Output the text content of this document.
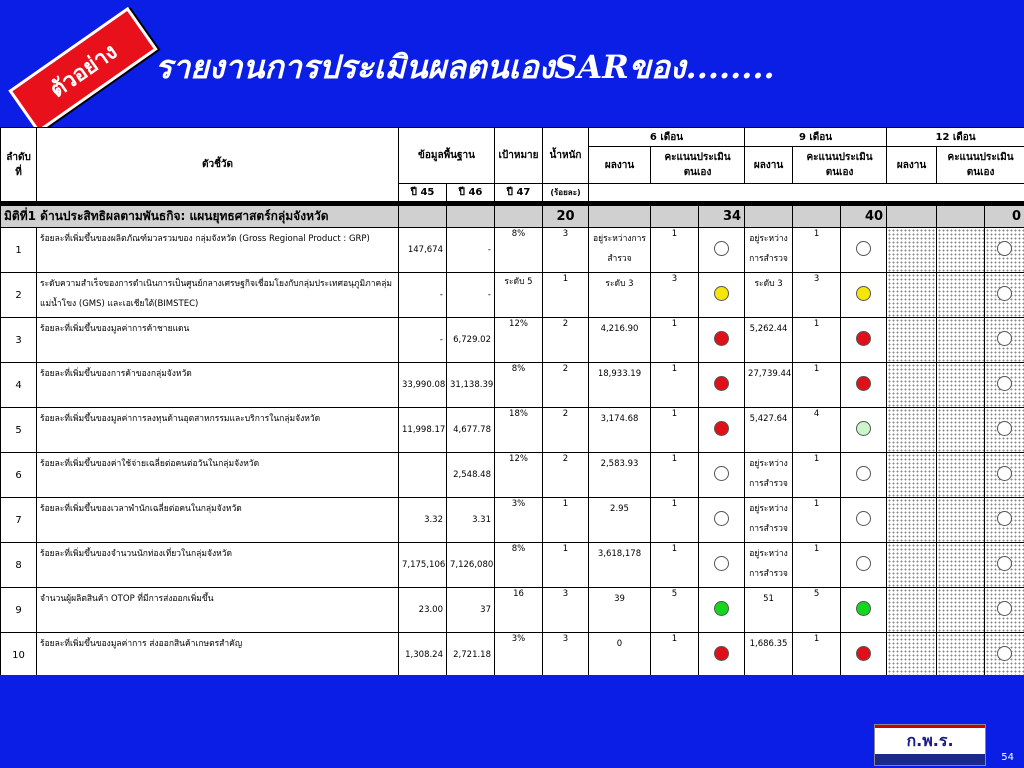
ตัวอย่าง รายงานการประเมินผลตนเองSARของ........
ลำดับที่	ตัวชี้วัด	ข้อมูลพื้นฐาน		เป้าหมาย	น้ำหนัก	6 เดือน			9 เดือน			12 เดือน		
						ผลงาน	คะแนนประเมินตนเอง		ผลงาน	คะแนนประเมินตนเอง		ผลงาน	คะแนนประเมินตนเอง	
		ปี 45	ปี 46	ปี 47	(ร้อยละ)									

มิติที่1 ด้านประสิทธิผลตามพันธกิจ: แผนยุทธศาสตร์กลุ่มจังหวัด					20			34			40			0
1	ร้อยละที่เพิ่มขึ้นของผลิตภัณฑ์มวลรวมของ กลุ่มจังหวัด (Gross Regional Product : GRP)	147,674	-	8%	3	อยู่ระหว่างการสำรวจ	1		อยู่ระหว่างการสำรวจ	1				
2	ระดับความสำเร็จของการดำเนินการเป็นศูนย์กลางเศรษฐกิจเชื่อมโยงกับกลุ่มประเทศอนุภูมิภาคลุ่มแม่น้ำโขง (GMS) และเอเชียใต้(BIMSTEC)	-	-	ระดับ 5	1	ระดับ 3	3		ระดับ 3	3				
3	ร้อยละที่เพิ่มขึ้นของมูลค่าการค้าชายแดน	-	6,729.02	12%	2	4,216.90	1		5,262.44	1				
4	ร้อยละที่เพิ่มขึ้นของการค้าของกลุ่มจังหวัด	33,990.08	31,138.39	8%	2	18,933.19	1		27,739.44	1				
5	ร้อยละที่เพิ่มขึ้นของมูลค่าการลงทุนด้านอุตสาหกรรมและบริการในกลุ่มจังหวัด	11,998.17	4,677.78	18%	2	3,174.68	1		5,427.64	4				
6	ร้อยละที่เพิ่มขึ้นของค่าใช้จ่ายเฉลี่ยต่อคนต่อวันในกลุ่มจังหวัด		2,548.48	12%	2	2,583.93	1		อยู่ระหว่างการสำรวจ	1				
7	ร้อยละที่เพิ่มขึ้นของเวลาพำนักเฉลี่ยต่อคนในกลุ่มจังหวัด	3.32	3.31	3%	1	2.95	1		อยู่ระหว่างการสำรวจ	1				
8	ร้อยละที่เพิ่มขึ้นของจำนวนนักท่องเที่ยวในกลุ่มจังหวัด	7,175,106	7,126,080	8%	1	3,618,178	1		อยู่ระหว่างการสำรวจ	1				
9	จำนวนผู้ผลิตสินค้า OTOP ที่มีการส่งออกเพิ่มขึ้น	23.00	37	16	3	39	5		51	5				
10	ร้อยละที่เพิ่มขึ้นของมูลค่าการ ส่งออกสินค้าเกษตรสำคัญ	1,308.24	2,721.18	3%	3	0	1		1,686.35	1				
ก.พ.ร.
54
